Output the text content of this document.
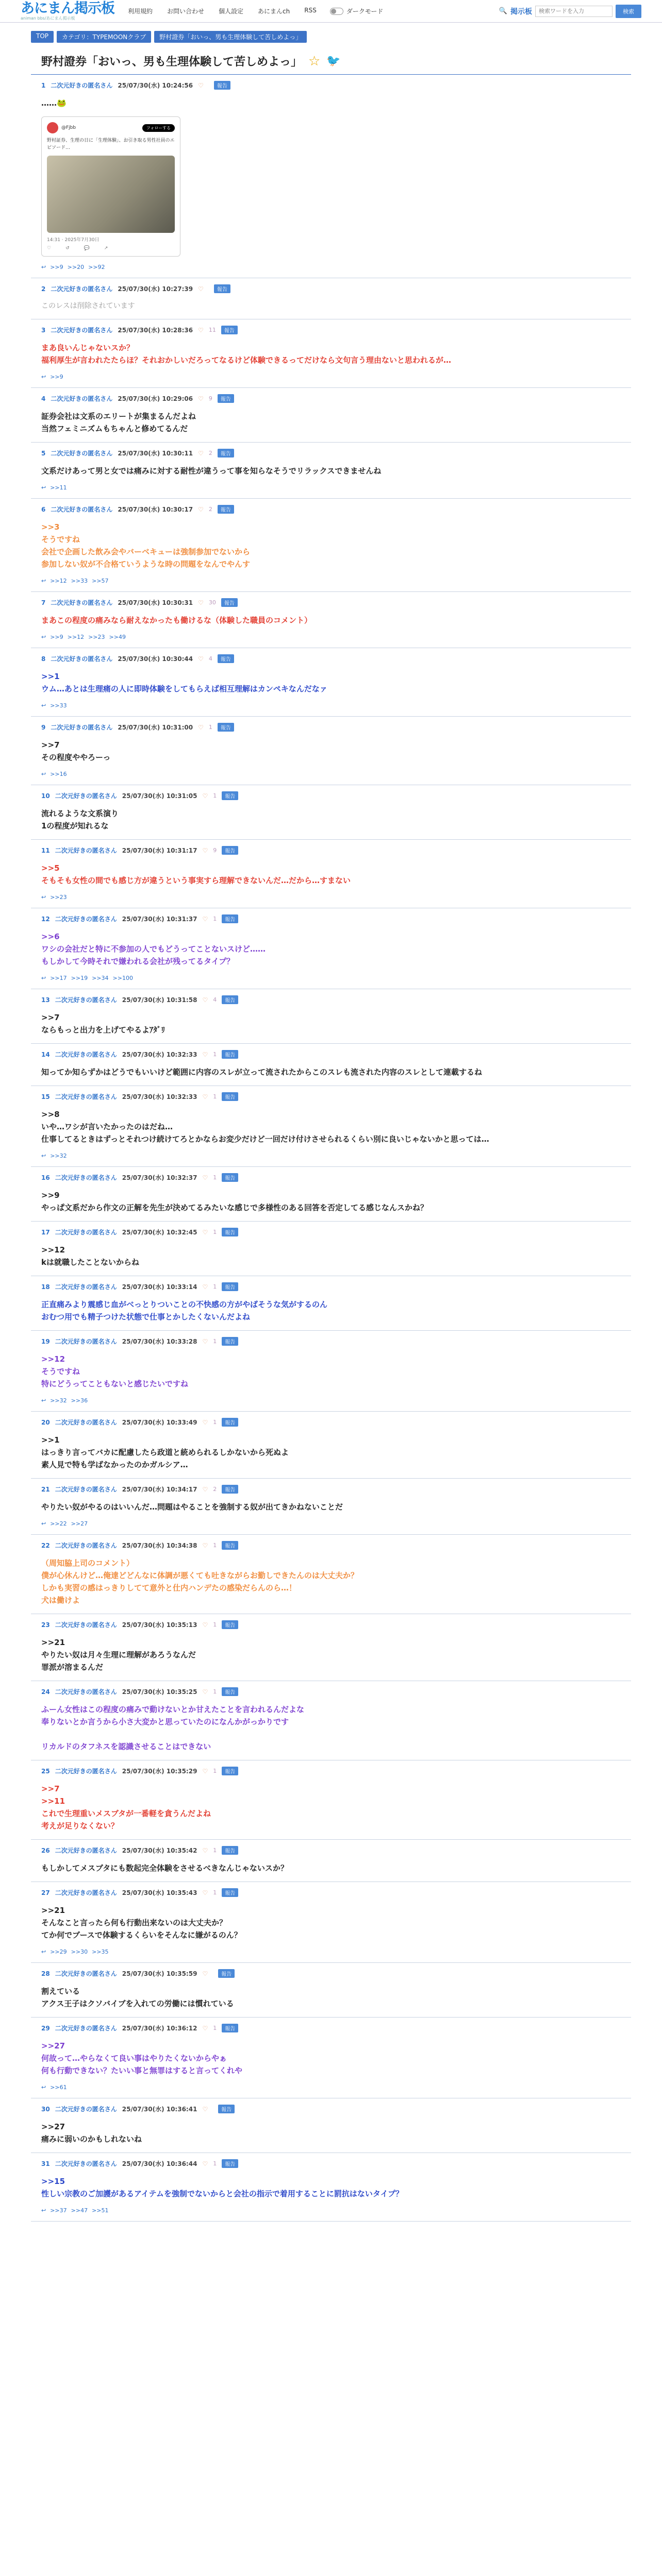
あにまん掲示板
animan bbs/あにまん掲示板
利用規約 お問い合わせ 個人設定 あにまんch RSS	ダークモード	🔍 掲示板
検索ワードを入力	検索
TOP	カテゴリ：TYPEMOONクラブ	野村證券「おいっ、男も生理体験して苦しめよっ」
野村證券「おいっ、男も生理体験して苦しめよっ」 ☆ 🐦
1 二次元好きの匿名さん 25/07/30(水) 10:24:56 ♡	報告
……🐸
@Fjbb	フォローする
野村証券、生理の日に「生理体験」、お引き取る男性社員のエピソード…
14:31 · 2025年7月30日
♡	↺	💬	↗
↩ >>9 >>20 >>92
2 二次元好きの匿名さん 25/07/30(水) 10:27:39 ♡	報告
このレスは削除されています
3 二次元好きの匿名さん 25/07/30(水) 10:28:36 ♡ 11	報告
まあ良いんじゃないスか？
福利厚生が言われたたらほ？それおかしいだろってなるけど体験できるってだけなら文句言う理由ないと思われるが…
↩ >>9
4 二次元好きの匿名さん 25/07/30(水) 10:29:06 ♡ 9	報告
証券会社は文系のエリートが集まるんだよね
当然フェミニズムもちゃんと修めてるんだ
5 二次元好きの匿名さん 25/07/30(水) 10:30:11 ♡ 2	報告
文系だけあって男と女では痛みに対する耐性が違うって事を知らなそうでリラックスできませんね
↩ >>11
6 二次元好きの匿名さん 25/07/30(水) 10:30:17 ♡ 2	報告
>>3
そうですね
会社で企画した飲み会やバーベキューは強制参加でないから
参加しない奴が不合格ていうような時の問題をなんでやんす
↩ >>12 >>33 >>57
7 二次元好きの匿名さん 25/07/30(水) 10:30:31 ♡ 30	報告
まあこの程度の痛みなら耐えなかったも働けるな（体験した職員のコメント）
↩ >>9 >>12 >>23 >>49
8 二次元好きの匿名さん 25/07/30(水) 10:30:44 ♡ 4	報告
>>1
ウム…あとは生理痛の人に即時体験をしてもらえば相互理解はカンペキなんだなァ
↩ >>33
9 二次元好きの匿名さん 25/07/30(水) 10:31:00 ♡ 1	報告
>>7
その程度ややろーっ
↩ >>16
10 二次元好きの匿名さん 25/07/30(水) 10:31:05 ♡ 1	報告
流れるような文系演り
1の程度が知れるな
11 二次元好きの匿名さん 25/07/30(水) 10:31:17 ♡ 9	報告
>>5
そもそも女性の間でも感じ方が違うという事実すら理解できないんだ…だから…すまない
↩ >>23
12 二次元好きの匿名さん 25/07/30(水) 10:31:37 ♡ 1	報告
>>6
ワシの会社だと特に不参加の人でもどうってことないスけど……
もしかして今時それで嫌われる会社が残ってるタイプ？
↩ >>17 >>19 >>34 >>100
13 二次元好きの匿名さん 25/07/30(水) 10:31:58 ♡ 4	報告
>>7
ならもっと出力を上げてやるよｱﾀﾞﾘ
14 二次元好きの匿名さん 25/07/30(水) 10:32:33 ♡ 1	報告
知ってか知らずかはどうでもいいけど範囲に内容のスレが立って流されたからこのスレも流された内容のスレとして連載するね
15 二次元好きの匿名さん 25/07/30(水) 10:32:33 ♡ 1	報告
>>8
いや…ワシが言いたかったのはだね…
仕事してるときはずっとそれつけ続けてろとかならお変少だけど一回だけ付けさせられるくらい別に良いじゃないかと思っては…
↩ >>32
16 二次元好きの匿名さん 25/07/30(水) 10:32:37 ♡ 1	報告
>>9
やっぱ文系だから作文の正解を先生が決めてるみたいな感じで多様性のある回答を否定してる感じなんスかね？
17 二次元好きの匿名さん 25/07/30(水) 10:32:45 ♡ 1	報告
>>12
kは就職したことないからね
18 二次元好きの匿名さん 25/07/30(水) 10:33:14 ♡ 1	報告
正直痛みより震感じ血がべっとりついことの不快感の方がやばそうな気がするのん
おむつ用でも精子つけた状態で仕事とかしたくないんだよね
19 二次元好きの匿名さん 25/07/30(水) 10:33:28 ♡ 1	報告
>>12
そうですね
特にどうってこともないと感じたいですね
↩ >>32 >>36
20 二次元好きの匿名さん 25/07/30(水) 10:33:49 ♡ 1	報告
>>1
はっきり言ってバカに配慮したら政道と統められるしかないから死ぬよ
素人見で特も学ばなかったのかガルシア…
21 二次元好きの匿名さん 25/07/30(水) 10:34:17 ♡ 2	報告
やりたい奴がやるのはいいんだ…問題はやることを強制する奴が出てきかねないことだ
↩ >>22 >>27
22 二次元好きの匿名さん 25/07/30(水) 10:34:38 ♡ 1	報告
（周知脇上司のコメント）
僕が心休んけど…俺達どどんなに体調が悪くても吐きながらお勤しできたんのは大丈夫か？
しかも実習の感はっきりしてて意外と仕内ハンデたの感染だらんのら…！
犬は働けよ
23 二次元好きの匿名さん 25/07/30(水) 10:35:13 ♡ 1	報告
>>21
やりたい奴は月々生理に理解があろうなんだ
罪派が溶まるんだ
24 二次元好きの匿名さん 25/07/30(水) 10:35:25 ♡ 1	報告
ふーん女性はこの程度の痛みで動けないとか甘えたことを言われるんだよな
奉りないとか言うから小さ大変かと思っていたのになんかがっかりです

リカルドのタフネスを認識させることはできない
25 二次元好きの匿名さん 25/07/30(水) 10:35:29 ♡ 1	報告
>>7
>>11
これで生理重いメスブタが一番軽を貪うんだよね
考えが足りなくない？
26 二次元好きの匿名さん 25/07/30(水) 10:35:42 ♡ 1	報告
もしかしてメスブタにも数起完全体験をさせるべきなんじゃないスか？
27 二次元好きの匿名さん 25/07/30(水) 10:35:43 ♡ 1	報告
>>21
そんなこと言ったら何も行動出来ないのは大丈夫か？
てか何でブースで体験するくらいをそんなに嫌がるのん？
↩ >>29 >>30 >>35
28 二次元好きの匿名さん 25/07/30(水) 10:35:59 ♡	報告
割えている
アクス王子はクソバイブを入れての労働には慣れている
29 二次元好きの匿名さん 25/07/30(水) 10:36:12 ♡ 1	報告
>>27
何故って…やらなくて良い事はやりたくないからやぁ
何も行動できない？たいい事と無罪はすると言ってくれや
↩ >>61
30 二次元好きの匿名さん 25/07/30(水) 10:36:41 ♡	報告
>>27
痛みに弱いのかもしれないね
31 二次元好きの匿名さん 25/07/30(水) 10:36:44 ♡ 1	報告
>>15
性しい宗教のご加護があるアイテムを強制でないからと会社の指示で着用することに罰抗はないタイプ？
↩ >>37 >>47 >>51
